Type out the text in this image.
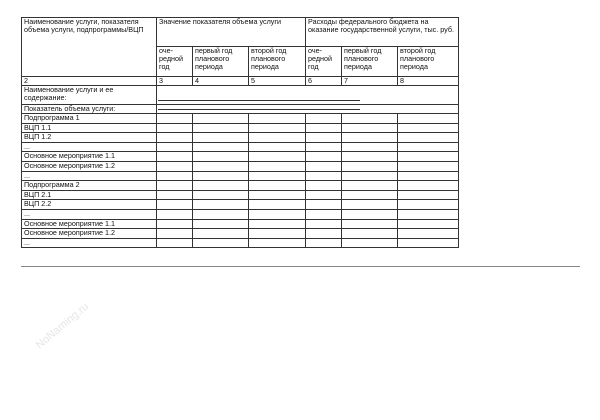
NoNaming.ru
Наименование услуги, показателя объема услуги, подпрограммы/ВЦП	Значение показателя объема услуги			Расходы федерального бюджета на оказание государственной услуги, тыс. руб.		
	оче-редной год	первый год планового периода	второй год планового периода	оче-редной год	первый год планового периода	второй год планового периода
2	3	4	5	6	7	8
Наименование услуги и ее содержание:						
Показатель объема услуги:						
Подпрограмма 1						
ВЦП 1.1						
ВЦП 1.2						
...						
Основное мероприятие 1.1						
Основное мероприятие 1.2						
...						
Подпрограмма 2						
ВЦП 2.1						
ВЦП 2.2						
...						
Основное мероприятие 1.1						
Основное мероприятие 1.2						
...						
